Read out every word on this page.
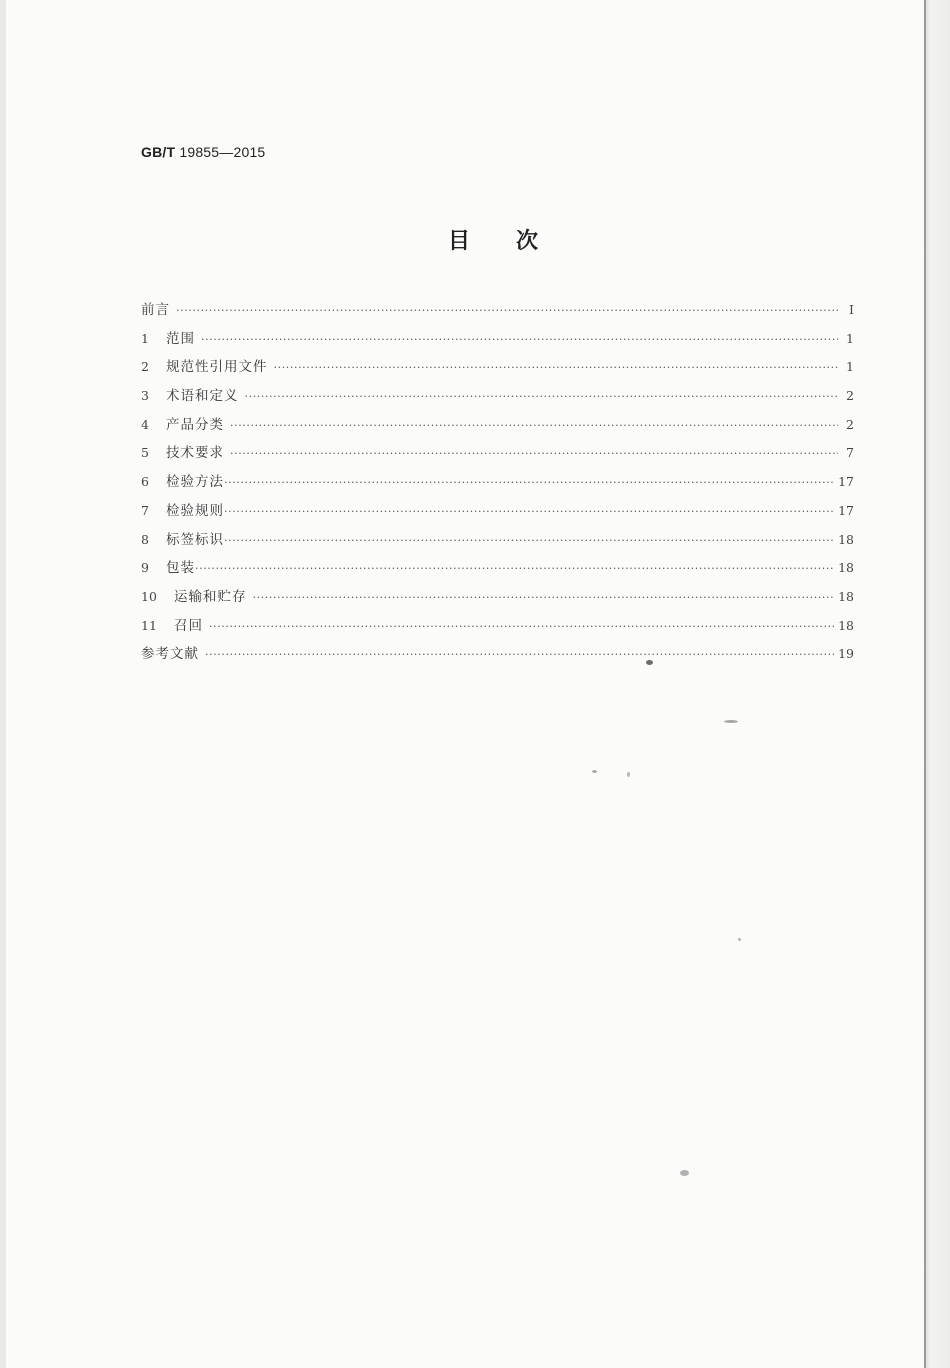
GB/T 19855—2015
目次
前言 ·····	Ⅰ
1	范围 ·····	1
2	规范性引用文件 ·····	1
3	术语和定义 ·····	2
4	产品分类 ·····	2
5	技术要求 ·····	7
6	检验方法 ·····	17
7	检验规则 ·····	17
8	标签标识 ·····	18
9	包装 ·····	18
10	运输和贮存 ·····	18
11	召回 ·····	18
参考文献 ·····	19
